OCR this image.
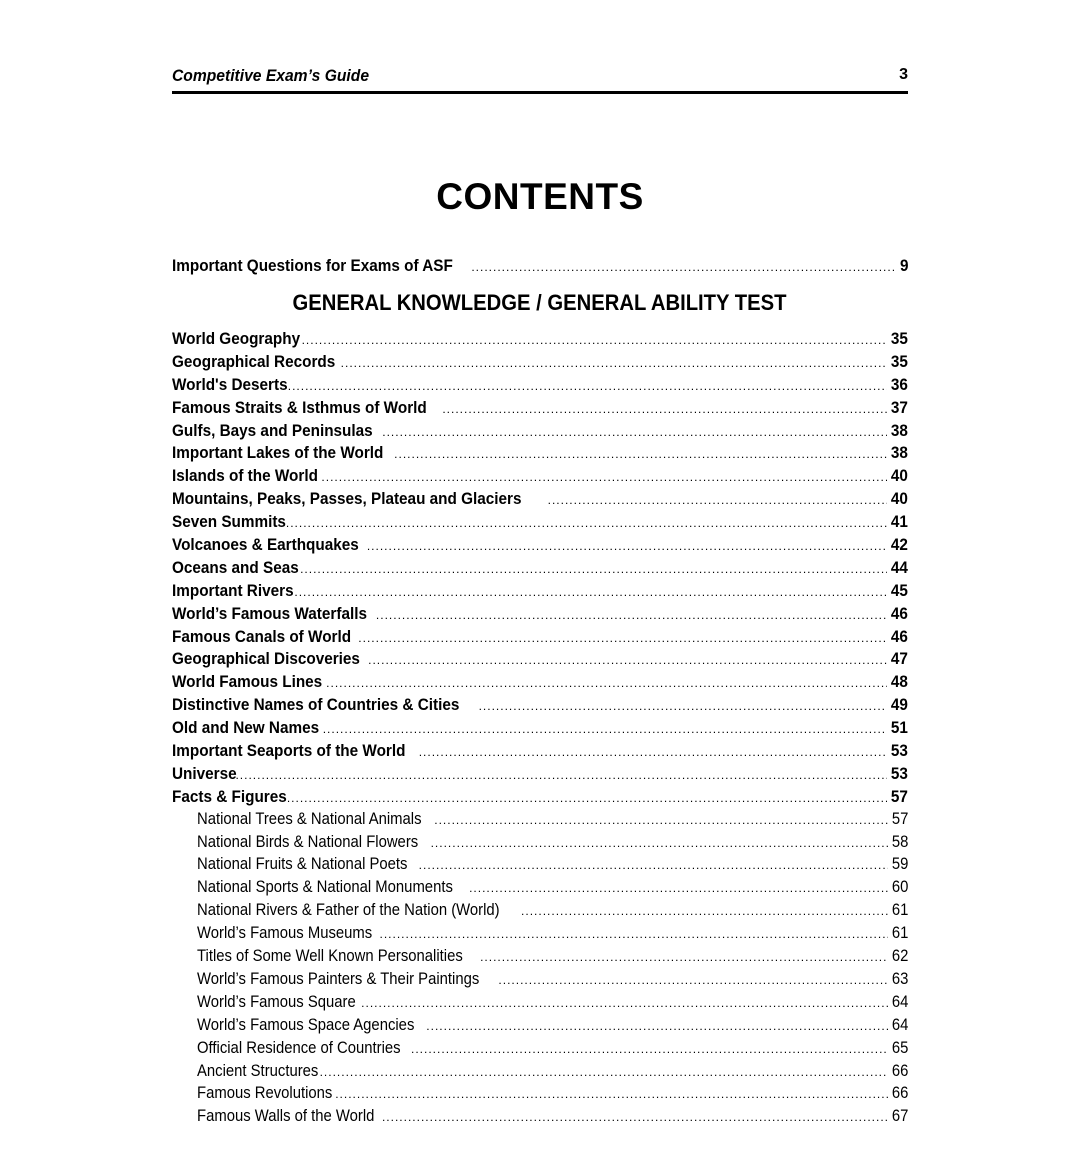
Competitive Exam’s Guide	3
CONTENTS
Important Questions for Exams of ASF .....	9
GENERAL KNOWLEDGE / GENERAL ABILITY TEST
World Geography .....	35
Geographical Records .....	35
World's Deserts .....	36
Famous Straits & Isthmus of World .....	37
Gulfs, Bays and Peninsulas .....	38
Important Lakes of the World .....	38
Islands of the World .....	40
Mountains, Peaks, Passes, Plateau and Glaciers .....	40
Seven Summits .....	41
Volcanoes & Earthquakes .....	42
Oceans and Seas .....	44
Important Rivers .....	45
World’s Famous Waterfalls .....	46
Famous Canals of World .....	46
Geographical Discoveries .....	47
World Famous Lines .....	48
Distinctive Names of Countries & Cities .....	49
Old and New Names .....	51
Important Seaports of the World .....	53
Universe .....	53
Facts & Figures .....	57
National Trees & National Animals .....	57
National Birds & National Flowers .....	58
National Fruits & National Poets .....	59
National Sports & National Monuments .....	60
National Rivers & Father of the Nation (World) .....	61
World’s Famous Museums .....	61
Titles of Some Well Known Personalities .....	62
World’s Famous Painters & Their Paintings .....	63
World’s Famous Square .....	64
World’s Famous Space Agencies .....	64
Official Residence of Countries .....	65
Ancient Structures .....	66
Famous Revolutions .....	66
Famous Walls of the World .....	67
